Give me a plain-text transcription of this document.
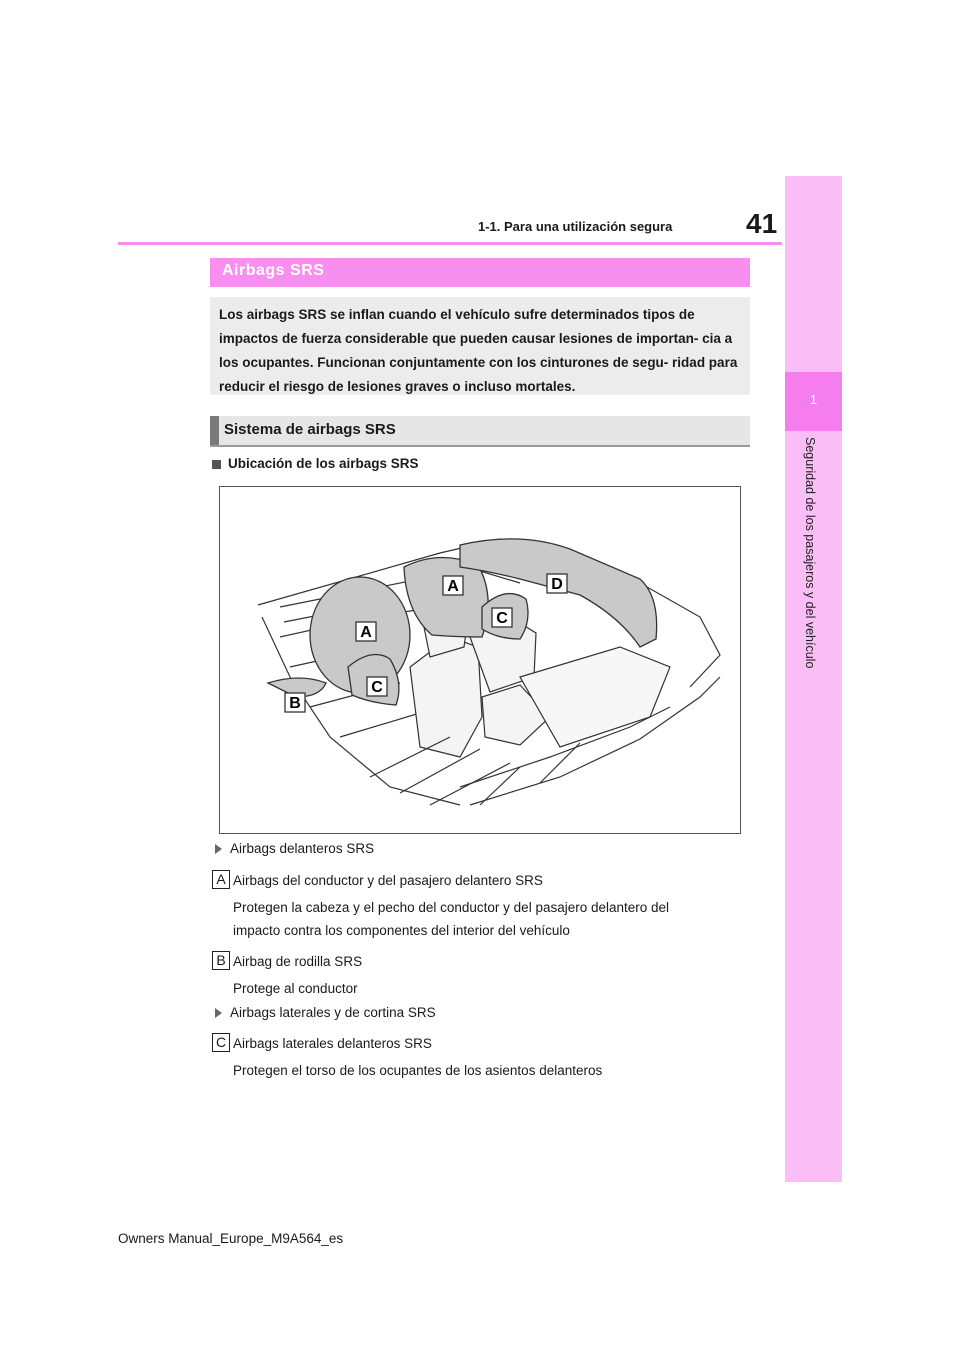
41
1-1. Para una utilización segura
1
Seguridad de los pasajeros y del vehículo
Airbags SRS
Los airbags SRS se inflan cuando el vehículo sufre determinados tipos de impactos de fuerza considerable que pueden causar lesiones de importan- cia a los ocupantes. Funcionan conjuntamente con los cinturones de segu- ridad para reducir el riesgo de lesiones graves o incluso mortales.
Sistema de airbags SRS
Ubicación de los airbags SRS
A
A
B
C
C
D
Airbags delanteros SRS
A Airbags del conductor y del pasajero delantero SRS
Protegen la cabeza y el pecho del conductor y del pasajero delantero del
impacto contra los componentes del interior del vehículo
B Airbag de rodilla SRS
Protege al conductor
Airbags laterales y de cortina SRS
C Airbags laterales delanteros SRS
Protegen el torso de los ocupantes de los asientos delanteros
Owners Manual_Europe_M9A564_es
